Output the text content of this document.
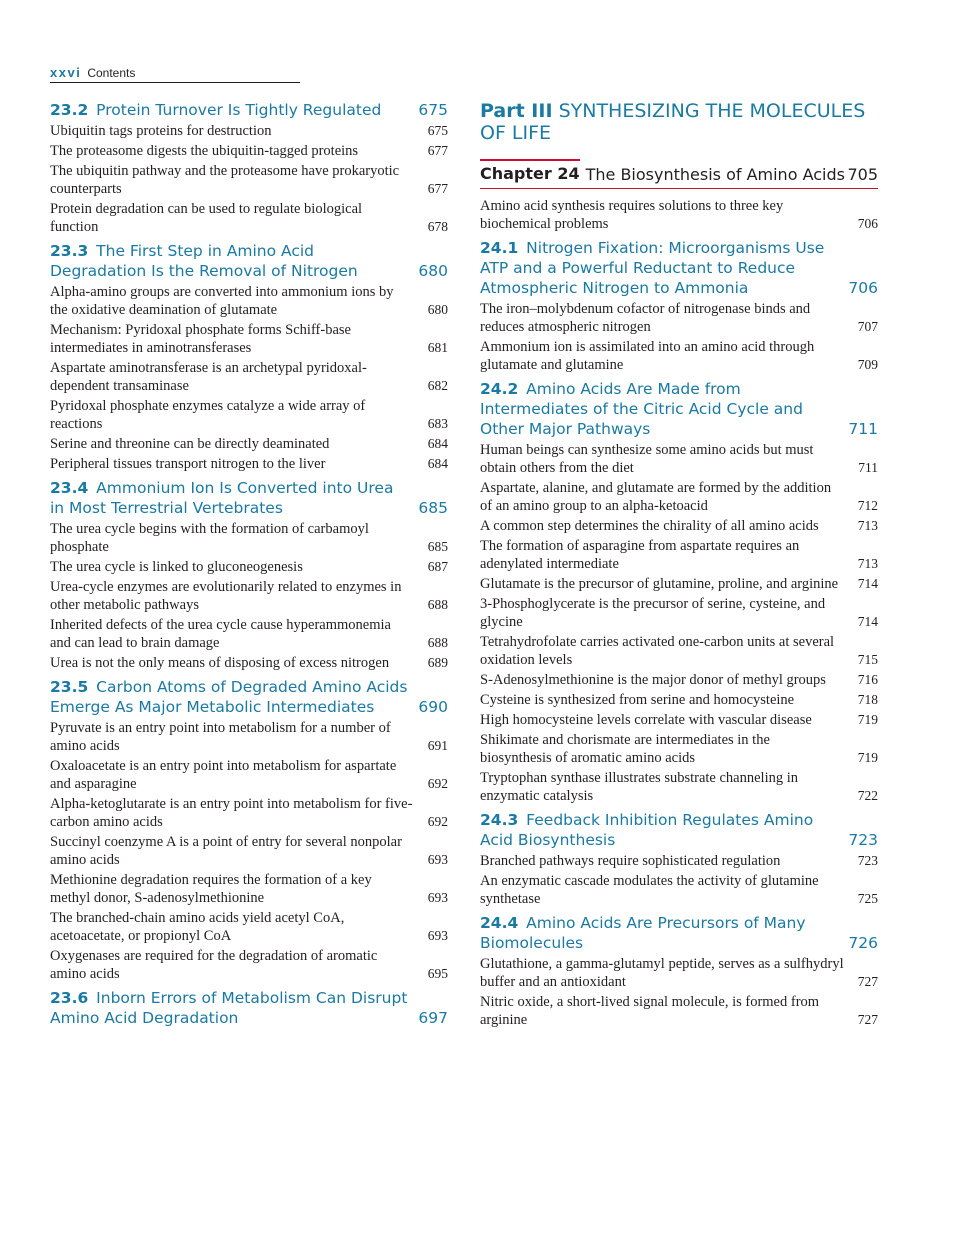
xxvi Contents
23.2 Protein Turnover Is Tightly Regulated	675
Ubiquitin tags proteins for destruction	675
The proteasome digests the ubiquitin-tagged proteins	677
The ubiquitin pathway and the proteasome have prokaryotic counterparts	677
Protein degradation can be used to regulate biological function	678
23.3 The First Step in Amino Acid Degradation Is the Removal of Nitrogen	680
Alpha-amino groups are converted into ammonium ions by the oxidative deamination of glutamate	680
Mechanism: Pyridoxal phosphate forms Schiff-base intermediates in aminotransferases	681
Aspartate aminotransferase is an archetypal pyridoxal-dependent transaminase	682
Pyridoxal phosphate enzymes catalyze a wide array of reactions	683
Serine and threonine can be directly deaminated	684
Peripheral tissues transport nitrogen to the liver	684
23.4 Ammonium Ion Is Converted into Urea in Most Terrestrial Vertebrates	685
The urea cycle begins with the formation of carbamoyl phosphate	685
The urea cycle is linked to gluconeogenesis	687
Urea-cycle enzymes are evolutionarily related to enzymes in other metabolic pathways	688
Inherited defects of the urea cycle cause hyperammonemia and can lead to brain damage	688
Urea is not the only means of disposing of excess nitrogen	689
23.5 Carbon Atoms of Degraded Amino Acids Emerge As Major Metabolic Intermediates	690
Pyruvate is an entry point into metabolism for a number of amino acids	691
Oxaloacetate is an entry point into metabolism for aspartate and asparagine	692
Alpha-ketoglutarate is an entry point into metabolism for five-carbon amino acids	692
Succinyl coenzyme A is a point of entry for several nonpolar amino acids	693
Methionine degradation requires the formation of a key methyl donor, S-adenosylmethionine	693
The branched-chain amino acids yield acetyl CoA, acetoacetate, or propionyl CoA	693
Oxygenases are required for the degradation of aromatic amino acids	695
23.6 Inborn Errors of Metabolism Can Disrupt Amino Acid Degradation	697
Part III SYNTHESIZING THE MOLECULES OF LIFE
Chapter 24 The Biosynthesis of Amino Acids 705
Amino acid synthesis requires solutions to three key biochemical problems	706
24.1 Nitrogen Fixation: Microorganisms Use ATP and a Powerful Reductant to Reduce Atmospheric Nitrogen to Ammonia	706
The iron–molybdenum cofactor of nitrogenase binds and reduces atmospheric nitrogen	707
Ammonium ion is assimilated into an amino acid through glutamate and glutamine	709
24.2 Amino Acids Are Made from Intermediates of the Citric Acid Cycle and Other Major Pathways	711
Human beings can synthesize some amino acids but must obtain others from the diet	711
Aspartate, alanine, and glutamate are formed by the addition of an amino group to an alpha-ketoacid	712
A common step determines the chirality of all amino acids	713
The formation of asparagine from aspartate requires an adenylated intermediate	713
Glutamate is the precursor of glutamine, proline, and arginine	714
3-Phosphoglycerate is the precursor of serine, cysteine, and glycine	714
Tetrahydrofolate carries activated one-carbon units at several oxidation levels	715
S-Adenosylmethionine is the major donor of methyl groups	716
Cysteine is synthesized from serine and homocysteine	718
High homocysteine levels correlate with vascular disease	719
Shikimate and chorismate are intermediates in the biosynthesis of aromatic amino acids	719
Tryptophan synthase illustrates substrate channeling in enzymatic catalysis	722
24.3 Feedback Inhibition Regulates Amino Acid Biosynthesis	723
Branched pathways require sophisticated regulation	723
An enzymatic cascade modulates the activity of glutamine synthetase	725
24.4 Amino Acids Are Precursors of Many Biomolecules	726
Glutathione, a gamma-glutamyl peptide, serves as a sulfhydryl buffer and an antioxidant	727
Nitric oxide, a short-lived signal molecule, is formed from arginine	727
